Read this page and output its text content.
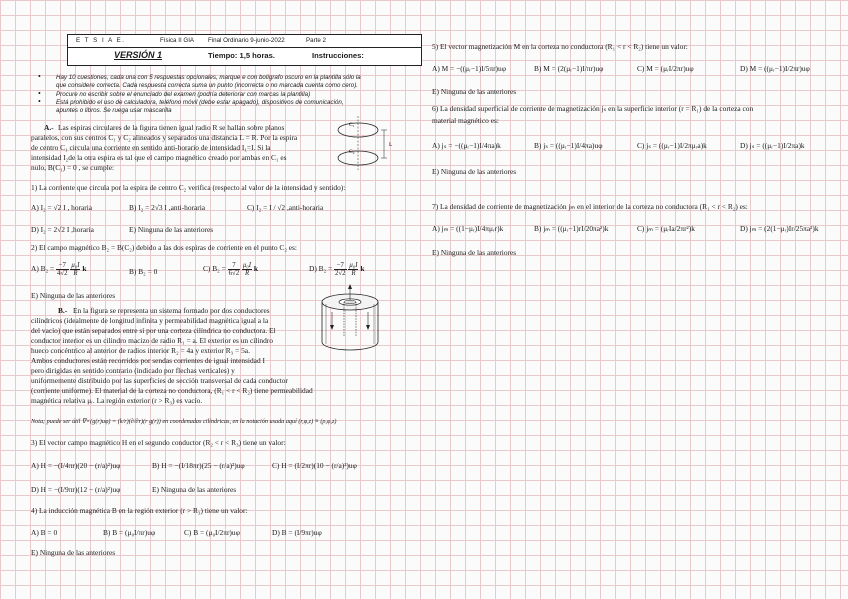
E T S I A E.	Física II GIA Final Ordinario 9-junio-2022	Parte 2
VERSIÓN 1	Tiempo: 1,5 horas.	Instrucciones:
• Hay 10 cuestiones, cada una con 5 respuestas opcionales, marque e con bolígrafo oscuro en la plantilla sólo la
que considere correcta. Cada respuesta correcta suma un punto (incorrecta o no marcada cuenta como cero).
• Procure no escribir sobre el enunciado del examen (podría deteriorar con marcas la plantilla)
• Está prohibido el uso de calculadora, teléfono móvil (debe estar apagado), dispositivos de comunicación,
apuntes o libros. Se ruega usar mascarilla
A.- Las espiras circulares de la figura tienen igual radio R se hallan sobre planos
paralelos, con sus centros C₁ y C₂ alineados y separados una distancia L = R. Por la espira
de centro C₁ circula una corriente en sentido anti-horario de intensidad I₁=I. Si la
intensidad I₂de la otra espira es tal que el campo magnético creado por ambas en C₁ es
nulo, B(C₁) = 0 , se cumple:
C₁
C₂
L
1) La corriente que circula por la espira de centro C₂ verifica (respecto al valor de la intensidad y sentido):
A) I₂ = √2 I , horaria	B) I₂ = 2√3 I ,anti-horaria	C) I₂ = I / √2 ,anti-horaria
D) I₂ = 2√2 I ,horaria	E) Ninguna de las anteriores
2) El campo magnético B₂ = B(C₂) debido a las dos espiras de corriente en el punto C₂ es:
A) $B_2 = \frac{-7}{4√2}$
$\frac{\text{μ₀I}}{R}$ k	B) B₂ = 0	C) $B_2 = \frac{7}{6√2}$
$\frac{\text{μ₀I}}{R}$ k	D) $B_2 = \frac{-7}{2√2}$
$\frac{\text{μ₀I}}{R}$ k
E) Ninguna de las anteriores
B.- En la figura se representa un sistema formado por dos conductores
cilíndricos (idealmente de longitud infinita y permeabilidad magnética igual a la
del vacío) que están separados entre sí por una corteza cilíndrica no conductora. El
conductor interior es un cilindro macizo de radio R₁ = a. El exterior es un cilindro
hueco concéntrico al anterior de radios interior R₂ = 4a y exterior R₃ = 5a.
Ambos conductores están recorridos por sendas corrientes de igual intensidad I
pero dirigidas en sentido contrario (indicado por flechas verticales) y
uniformemente distribuido por las superficies de sección transversal de cada conductor
(corriente uniforme). El material de la corteza no conductora, (R₁ < r < R₂) tiene permeabilidad
magnética relativa μᵣ. La región exterior (r > R₃) es vacío.
Nota; puede ser útil ∇×(g(r)uφ) = (k/r)(∂/∂r)(r g(r)) en coordenadas cilíndricas, en la notación usada aquí (r,φ,z) ≡ (ρ,φ,z)
3) El vector campo magnético H en el segundo conductor (R₂ < r < R₃) tiene un valor:
A) H = −(I/4πr)(20 − (r/a)²)uφ	B) H = −(I/18πr)(25 − (r/a)²)uφ	C) H = (I/2πr)(10 − (r/a)²)uφ
D) H = −(I/9πr)(12 − (r/a)²)uφ	E) Ninguna de las anteriores
4) La inducción magnética B en la región exterior (r > R₃) tiene un valor:
A) B = 0	B) B = (μ₀I/πr)uφ	C) B = (μ₀I/2πr)uφ	D) B = (I/9πr)uφ
E) Ninguna de las anteriores
5) El vector magnetización M en la corteza no conductora (R₁ < r < R₂) tiene un valor:
A) M = −((μᵣ−1)I/5πr)uφ	B) M = (2(μᵣ−1)I/πr)uφ	C) M = (μᵣI/2πr)uφ	D) M = ((μᵣ−1)I/2πr)uφ
E) Ninguna de las anteriores
6) La densidad superficial de corriente de magnetización jₛ en la superficie interior (r = R₁) de la corteza con
material magnético es:
A) jₛ = −((μᵣ−1)I/4πa)k	B) jₛ = ((μᵣ−1)I/4πa)uφ	C) jₛ = ((μᵣ−1)I/2πμᵣa)k	D) jₛ = ((μᵣ−1)I/2πa)k
E) Ninguna de las anteriores
7) La densidad de corriente de magnetización jₘ en el interior de la corteza no conductora (R₁ < r < R₂) es:
A) jₘ = ((1−μᵣ)I/4πμᵣr)k	B) jₘ = ((μᵣ−1)rI/20πa²)k	C) jₘ = (μᵣIa/2πr²)k	D) jₘ = (2(1−μᵣ)Ir/25πa²)k
E) Ninguna de las anteriores
